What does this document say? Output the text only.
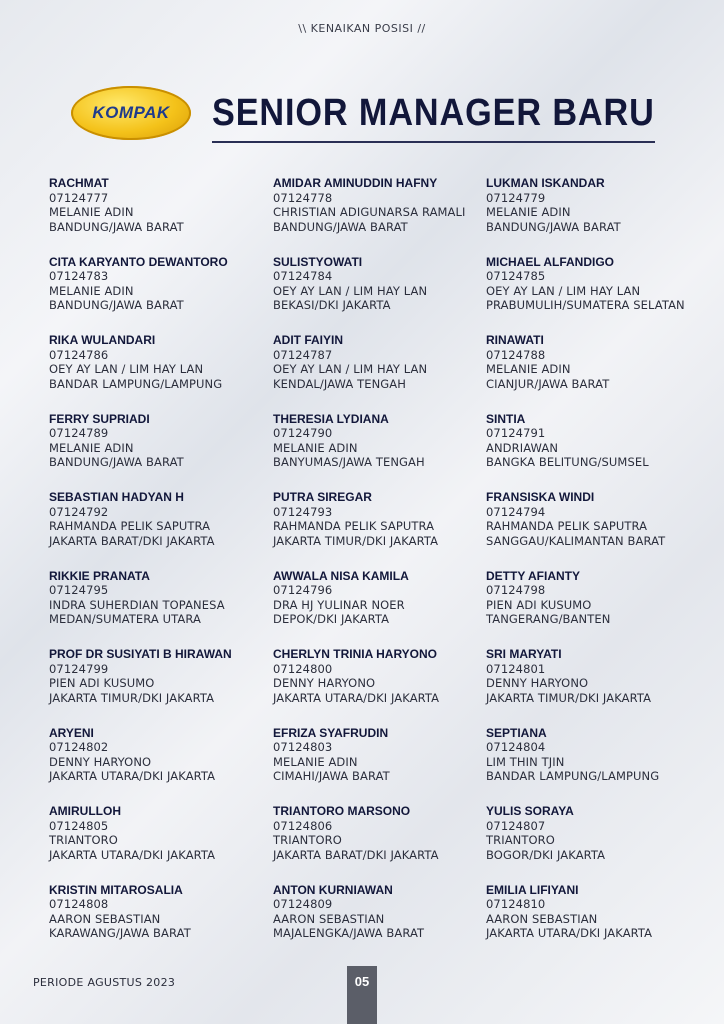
\\ KENAIKAN POSISI //
KOMPAK SENIOR MANAGER BARU
RACHMAT
07124777
MELANIE ADIN
BANDUNG/JAWA BARAT
AMIDAR AMINUDDIN HAFNY
07124778
CHRISTIAN ADIGUNARSA RAMALI
BANDUNG/JAWA BARAT
LUKMAN ISKANDAR
07124779
MELANIE ADIN
BANDUNG/JAWA BARAT
CITA KARYANTO DEWANTORO
07124783
MELANIE ADIN
BANDUNG/JAWA BARAT
SULISTYOWATI
07124784
OEY AY LAN / LIM HAY LAN
BEKASI/DKI JAKARTA
MICHAEL ALFANDIGO
07124785
OEY AY LAN / LIM HAY LAN
PRABUMULIH/SUMATERA SELATAN
RIKA WULANDARI
07124786
OEY AY LAN / LIM HAY LAN
BANDAR LAMPUNG/LAMPUNG
ADIT FAIYIN
07124787
OEY AY LAN / LIM HAY LAN
KENDAL/JAWA TENGAH
RINAWATI
07124788
MELANIE ADIN
CIANJUR/JAWA BARAT
FERRY SUPRIADI
07124789
MELANIE ADIN
BANDUNG/JAWA BARAT
THERESIA LYDIANA
07124790
MELANIE ADIN
BANYUMAS/JAWA TENGAH
SINTIA
07124791
ANDRIAWAN
BANGKA BELITUNG/SUMSEL
SEBASTIAN HADYAN H
07124792
RAHMANDA PELIK SAPUTRA
JAKARTA BARAT/DKI JAKARTA
PUTRA SIREGAR
07124793
RAHMANDA PELIK SAPUTRA
JAKARTA TIMUR/DKI JAKARTA
FRANSISKA WINDI
07124794
RAHMANDA PELIK SAPUTRA
SANGGAU/KALIMANTAN BARAT
RIKKIE PRANATA
07124795
INDRA SUHERDIAN TOPANESA
MEDAN/SUMATERA UTARA
AWWALA NISA KAMILA
07124796
DRA HJ YULINAR NOER
DEPOK/DKI JAKARTA
DETTY AFIANTY
07124798
PIEN ADI KUSUMO
TANGERANG/BANTEN
PROF DR SUSIYATI B HIRAWAN
07124799
PIEN ADI KUSUMO
JAKARTA TIMUR/DKI JAKARTA
CHERLYN TRINIA HARYONO
07124800
DENNY HARYONO
JAKARTA UTARA/DKI JAKARTA
SRI MARYATI
07124801
DENNY HARYONO
JAKARTA TIMUR/DKI JAKARTA
ARYENI
07124802
DENNY HARYONO
JAKARTA UTARA/DKI JAKARTA
EFRIZA SYAFRUDIN
07124803
MELANIE ADIN
CIMAHI/JAWA BARAT
SEPTIANA
07124804
LIM THIN TJIN
BANDAR LAMPUNG/LAMPUNG
AMIRULLOH
07124805
TRIANTORO
JAKARTA UTARA/DKI JAKARTA
TRIANTORO MARSONO
07124806
TRIANTORO
JAKARTA BARAT/DKI JAKARTA
YULIS SORAYA
07124807
TRIANTORO
BOGOR/DKI JAKARTA
KRISTIN MITAROSALIA
07124808
AARON SEBASTIAN
KARAWANG/JAWA BARAT
ANTON KURNIAWAN
07124809
AARON SEBASTIAN
MAJALENGKA/JAWA BARAT
EMILIA LIFIYANI
07124810
AARON SEBASTIAN
JAKARTA UTARA/DKI JAKARTA
PERIODE AGUSTUS 2023	05
